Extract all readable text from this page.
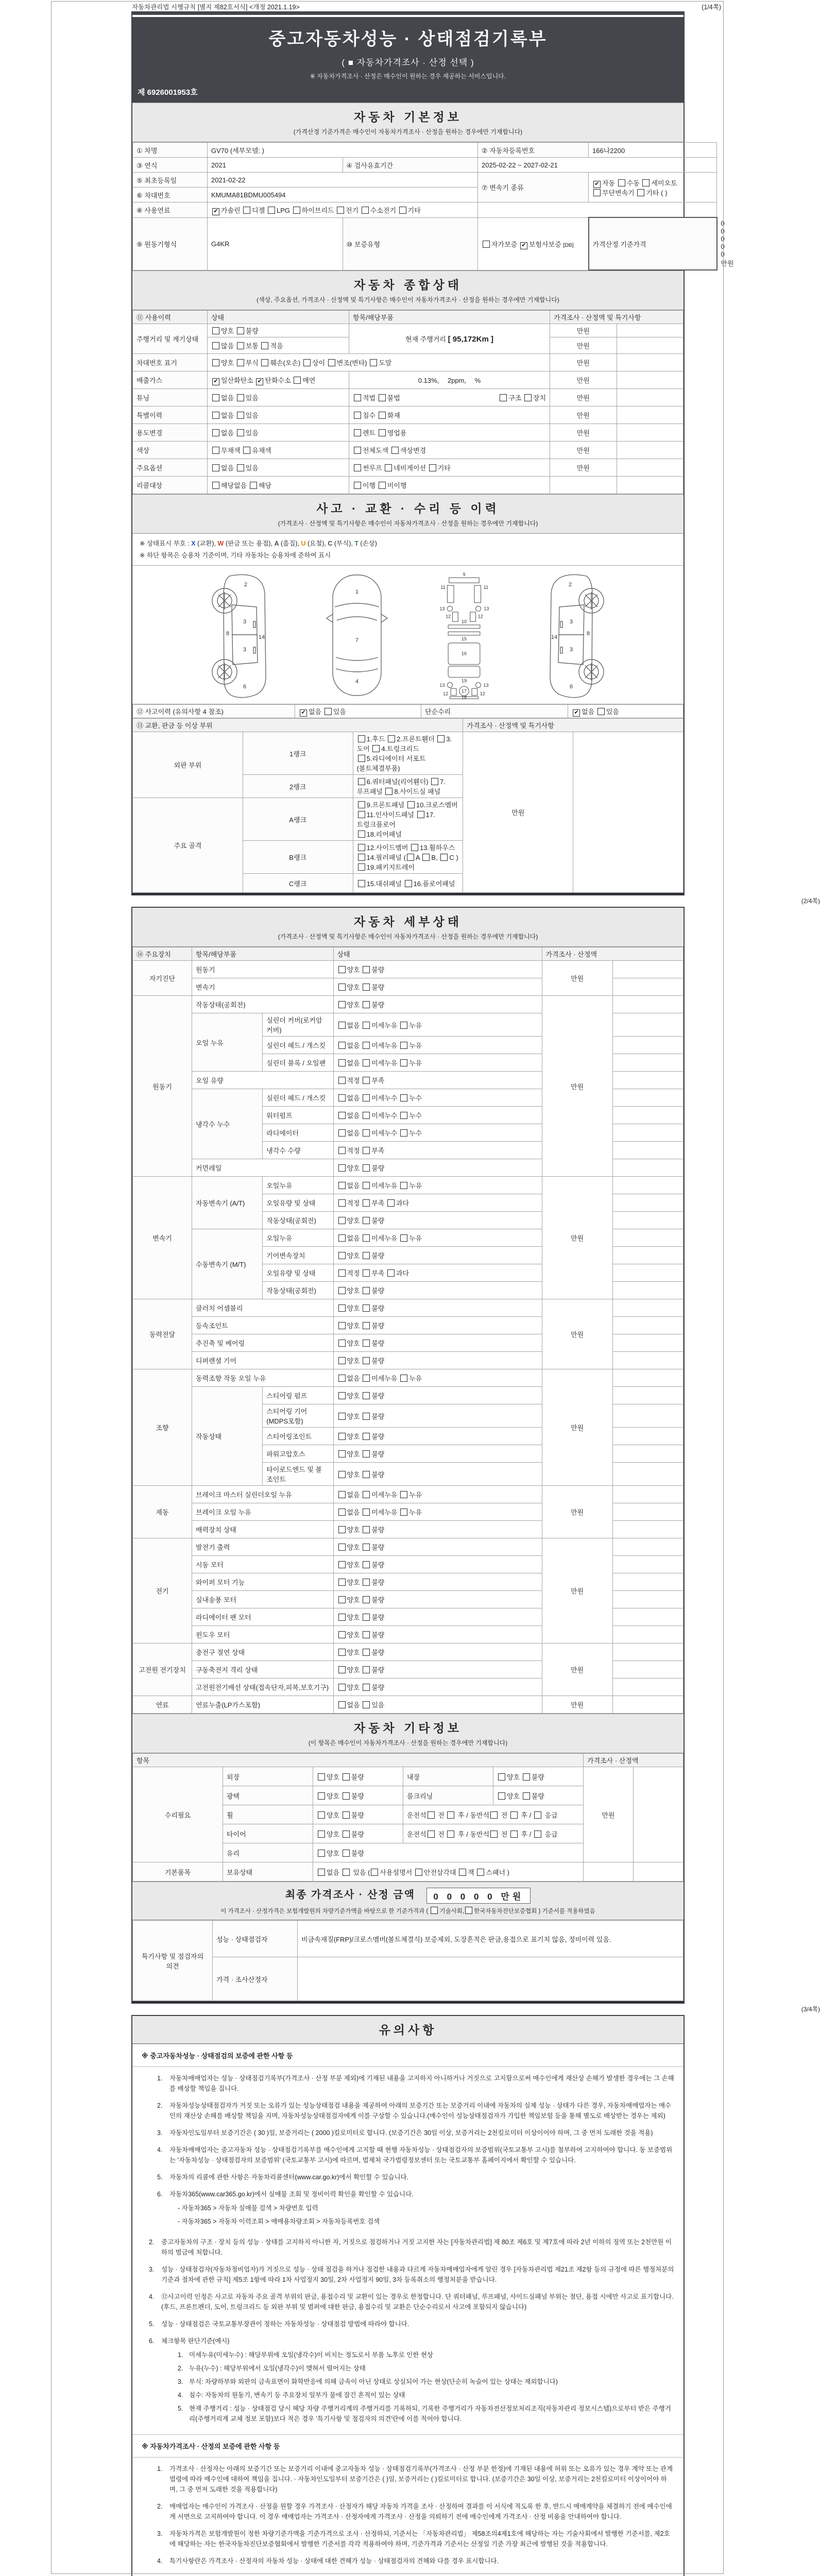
자동차관리법 시행규칙 [별지 제82호서식] <개정 2021.1.19>	(1/4쪽)
중고자동차성능 · 상태점검기록부
( ■ 자동차가격조사 · 산정 선택 )
※ 자동차가격조사 · 산정은 매수인이 원하는 경우 제공하는 서비스입니다.
제 6926001953호
자동차 기본정보
(가격산정 기준가격은 매수인이 자동차가격조사 · 산정을 원하는 경우에만 기재합니다)
① 차명	GV70 (세부모델: )		② 자동차등록번호	166나2200	
③ 연식	2021	④ 검사유효기간	2025-02-22 ~ 2027-02-21		
⑤ 최초등록일	2021-02-22		⑦ 변속기 종류	✔ 자동 수동 세미오토
무단변속기 기타 ( )	
⑥ 차대번호	KMUMA81BDMU005494				
⑧ 사용연료	✔ 가솔린 디젤 LPG 하이브리드 전기 수소전기 기타				
⑨ 원동기형식	G4KR	⑩ 보증유형	자가보증 ✔ 보험사보증 [DB]	가격산정 기준가격	0 0 0 0 0 만원
자동차 종합상태
(색상, 주요옵션, 가격조사 · 산정액 및 특기사항은 매수인이 자동차가격조사 · 산정을 원하는 경우에만 기재합니다)
⑪ 사용이력	상태	항목/해당부품	가격조사 · 산정액 및 특기사항	
주행거리 및 계기상태	양호 불량	현재 주행거리 [ 95,172Km ]	만원	
	많음 보통 적음		만원	
차대번호 표기	양호 부식 훼손(오손) 상이 변조(변타) 도말		만원	
배출가스	✔ 일산화탄소 ✔ 탄화수소 매연	0.13%,　 2ppm,　 %	만원	
튜닝	없음 있음	적법 불법 구조 장치	만원	
특별이력	없음 있음	침수 화재	만원	
용도변경	없음 있음	렌트 영업용	만원	
색상	무채색 유채색	전체도색 색상변경	만원	
주요옵션	없음 있음	썬루프 네비게이션 기타	만원	
리콜대상	해당없음 해당	이행 미이행		
사고 · 교환 · 수리 등 이력
(가격조사 · 산정액 및 특기사항은 매수인이 자동차가격조사 · 산정을 원하는 경우에만 기재합니다)
※ 상태표시 부호 : X (교환), W (판금 또는 용접), A (흠집), U (요철), C (부식), T (손상)
※ 하단 항목은 승용차 기준이며, 기타 자동차는 승용차에 준하여 표시
2
8
3
3
14
6
1
7
4
9
11	11
13	13
12	12
10
15
16
19
13	13
12	12
17
18
2
3
8
14
3
6
⑫ 사고이력 (유의사항 4 참조)	✔ 없음 있음	단순수리	✔ 없음 있음
⑬ 교환, 판금 등 이상 부위			가격조사 · 산정액 및 특기사항	
외판 부위	1랭크	1.후드 2.프론트휀더 3.도어 4.트렁크리드
5.라디에이터 서포트(볼트체결부품)	만원	
	2랭크	6.쿼터패널(리어휀더) 7.루프패널 8.사이드실 패널		
주요 골격	A랭크	9.프론트패널 10.크로스멤버 11.인사이드패널 17.트렁크플로어
18.리어패널		
	B랭크	12.사이드멤버 13.휠하우스 14.필러패널 ( A B, C )
19.패키지트레이		
	C랭크	15.대쉬패널 16.플로어패널		
(2/4쪽)
자동차 세부상태
(가격조사 · 산정액 및 특기사항은 매수인이 자동차가격조사 · 산정을 원하는 경우에만 기재합니다)
⑭ 주요장치	항목/해당부품		상태	가격조사 · 산정액	
자기진단	원동기		양호 불량	만원	
	변속기		양호 불량		
원동기	작동상태(공회전)		양호 불량	만원	
	오일 누유	실린더 커버(로커암 커버)	없음 미세누유 누유		
		실린더 헤드 / 개스킷	없음 미세누유 누유		
		실린더 블록 / 오일팬	없음 미세누유 누유		
	오일 유량		적정 부족		
	냉각수 누수	실린더 헤드 / 개스킷	없음 미세누수 누수		
		워터펌프	없음 미세누수 누수		
		라디에이터	없음 미세누수 누수		
		냉각수 수량	적정 부족		
	커먼레일		양호 불량		
변속기	자동변속기 (A/T)	오일누유	없음 미세누유 누유	만원	
		오일유량 및 상태	적정 부족 과다		
		작동상태(공회전)	양호 불량		
	수동변속기 (M/T)	오일누유	없음 미세누유 누유		
		기어변속장치	양호 불량		
		오일유량 및 상태	적정 부족 과다		
		작동상태(공회전)	양호 불량		
동력전달	클러치 어셈블리		양호 불량	만원	
	등속조인트		양호 불량		
	추진축 및 베어링		양호 불량		
	디퍼렌셜 기어		양호 불량		
조향	동력조향 작동 오일 누유		없음 미세누유 누유	만원	
	작동상태	스티어링 펌프	양호 불량		
		스티어링 기어(MDPS포함)	양호 불량		
		스티어링조인트	양호 불량		
		파워고압호스	양호 불량		
		타이로드엔드 및 볼 조인트	양호 불량		
제동	브레이크 마스터 실린더오일 누유		없음 미세누유 누유	만원	
	브레이크 오일 누유		없음 미세누유 누유		
	배력장치 상태		양호 불량		
전기	발전기 출력		양호 불량	만원	
	시동 모터		양호 불량		
	와이퍼 모터 기능		양호 불량		
	실내송풍 모터		양호 불량		
	라디에이터 팬 모터		양호 불량		
	윈도우 모터		양호 불량		
고전원 전기장치	충전구 절연 상태		양호 불량	만원	
	구동축전지 격리 상태		양호 불량		
	고전원전기배선 상태(접속단자,피복,보호기구)		양호 불량		
연료	연료누출(LP가스포함)		없음 있음	만원	
자동차 기타정보
(이 항목은 매수인이 자동차가격조사 · 산정을 원하는 경우에만 기재합니다)
항목					가격조사 · 산정액	
수리필요	외장	양호 불량	내장	양호 불량	만원	
	광택	양호 불량	룸크리닝	양호 불량		
	휠	양호 불량	운전석 전  후 / 동반석 전  후 /  응급			
	타이어	양호 불량	운전석 전  후 / 동반석 전  후 /  응급			
	유리	양호 불량				
기본품목	보유상태	없음  있음 ( 사용설명서 안전삼각대 잭 스패너 )				
최종 가격조사 · 산정 금액 0 0 0 0 0 만원
이 가격조사 · 산정가격은 보험개발원의 차량기준가액을 바탕으로 한 기준가격과 ( 기술사회, 한국자동차진단보증협회 ) 기준서를 적용하였음
특기사항 및 점검자의 의견	성능 · 상태점검자	비금속재질(FRP)/크로스멤버(볼트체결식) 보증제외, 도장흔적은 판금,용접으로 표기치 않음, 정비이력 있음.
	가격 · 조사산정자	
(3/4쪽)
유의사항
※ 중고자동차성능 · 상태점검의 보증에 관한 사항 등
1.	자동차매매업자는 성능 · 상태점검기록부(가격조사 · 산정 부분 제외)에 기재된 내용을 고지하지 아니하거나 거짓으로 고지함으로써 매수인에게 재산상 손해가 발생한 경우에는 그 손해를 배상할 책임을 집니다.
2.	자동차성능상태점검자가 거짓 또는 오류가 있는 성능상태점검 내용을 제공하여 아래의 보증기간 또는 보증거리 이내에 자동차의 실제 성능 · 상태가 다른 경우, 자동차매매업자는 매수인의 재산상 손해를 배상할 책임을 지며, 자동차성능상태점검자에게 이를 구상할 수 있습니다.(매수인이 성능상태점검자가 가입한 책임보험 등을 통해 별도로 배상받는 경우는 제외)
3.	자동차인도일부터 보증기간은 ( 30 )일, 보증거리는 ( 2000 )킬로미터로 합니다. (보증기간은 30일 이상, 보증거리는 2천킬로미터 이상이어야 하며, 그 중 먼저 도래한 것을 적용)
4.	자동차매매업자는 중고자동차 성능 · 상태점검기록부를 매수인에게 고지할 때 현행 자동차성능 · 상태점검자의 보증범위(국토교통부 고시)를 첨부하여 고지하여야 합니다. 동 보증범위는 '자동차성능 · 상태점검자의 보증범위' (국토교통부 고시)에 따르며, 법제처 국가법령정보센터 또는 국토교통부 홈페이지에서 확인할 수 있습니다.
5.	자동차의 리콜에 관한 사항은 자동차리콜센터(www.car.go.kr)에서 확인할 수 있습니다.
6.	자동차365(www.car365.go.kr)에서 실매물 조회 및 정비이력 확인을 확인할 수 있습니다.
- 자동차365 > 자동차 실매물 검색 > 차량번호 입력
- 자동차365 > 자동차 이력조회 > 매매용차량조회 > 자동차등록번호 검색
2.	중고자동차의 구조 · 장치 등의 성능 · 상태를 고지하지 아니한 자, 거짓으로 점검하거나 거짓 고지한 자는 [자동차관리법] 제 80조 제6호 및 제7호에 따라 2년 이하의 징역 또는 2천만원 이하의 벌금에 처합니다.
3.	성능 · 상태점검자(자동차정비업자)가 거짓으로 성능 · 상태 점검을 하거나 점검한 내용과 다르게 자동차매매업자에게 알린 경우 [자동차관리법 제21조 제2항 등의 규정에 따른 행정처분의 기준과 절차에 관한 규칙] 제5조 1항에 따라 1차 사업정지 30일, 2차 사업정지 90일, 3차 등록취소의 행정처분을 받습니다.
4.	⑫사고이력 인정은 사고로 자동차 주요 골격 부위의 판금, 용접수리 및 교환이 있는 경우로 한정합니다. 단 쿼터패널, 루프패널, 사이드실패널 부위는 절단, 용접 시에만 사고로 표기합니다. (후드, 프론트펜더, 도어, 트렁크리드 등 외판 부위 및 범퍼에 대한 판금, 용접수리 및 교환은 단순수리로서 사고에 포함되지 않습니다)
5.	성능 · 상태점검은 국토교통부장관이 정하는 자동차성능 · 상태점검 방법에 따라야 합니다.
6.	체크항목 판단기준(예시)
1. 미세누유(미세누수) : 해당부위에 오일(냉각수)이 비치는 정도로서 부품 노후로 인한 현상
2. 누유(누수) : 해당부위에서 오일(냉각수)이 맺혀서 떨어지는 상태
3. 부식: 차량하부와 외판의 금속표면이 화학반응에 의해 금속이 아닌 상태로 상실되어 가는 현상(단순히 녹슬어 있는 상태는 제외합니다)
4. 침수: 자동차의 원동기, 변속기 등 주요장치 일부가 물에 잠긴 흔적이 있는 상태
5. 현재 주행거리 : 성능 · 상태점검 당시 해당 차량 주행거리계의 주행거리를 기록하되, 기록한 주행거리가 자동차전산정보처리조직(자동차관리 정보시스템)으로부터 받은 주행거리(주행거리계 교체 정보 포함)보다 적은 경우 '특기사항 및 점검자의 의견'란에 이를 적어야 합니다.
※ 자동차가격조사 · 산정의 보증에 관한 사항 등
1.	가격조사 · 산정자는 아래의 보증기간 또는 보증거리 이내에 중고자동차 성능 · 상태점검기록부(가격조사 · 산정 부분 한정)에 기재된 내용에 허위 또는 오류가 있는 경우 계약 또는 관계법령에 따라 매수인에 대하여 책임을 집니다. · 자동차인도일부터 보증기간은 ( )일, 보증거리는 ( )킬로미터로 합니다. (보증기간은 30일 이상, 보증거리는 2천킬로미터 이상이어야 하며, 그 중 먼저 도래한 것을 적용합니다)
2.	매매업자는 매수인이 가격조사 · 산정을 원할 경우 가격조사 · 산정자가 해당 자동차 가격을 조사 · 산정하여 결과를 이 서식에 적도록 한 후, 반드시 매매계약을 체결하기 전에 매수인에게 서면으로 고지하여야 합니다. 이 경우 매매업자는 가격조사 · 산정자에게 가격조사 · 산정을 의뢰하기 전에 매수인에게 가격조사 · 산정 비용을 안내하여야 합니다.
3.	자동차가격은 보험개발원이 정한 차량기준가액을 기준가격으로 조사 · 산정하되, 기준서는 「자동차관리법」 제58조의4제1호에 해당하는 자는 기술사회에서 발행한 기준서를, 제2호에 해당하는 자는 한국자동차진단보증협회에서 발행한 기준서를 각각 적용하여야 하며, 기준가격과 기준서는 산정일 기준 가장 최근에 발행된 것을 적용합니다.
4.	특기사항란은 가격조사 · 산정자의 자동차 성능 · 상태에 대한 견해가 성능 · 상태점검자의 견해와 다를 경우 표시합니다.
